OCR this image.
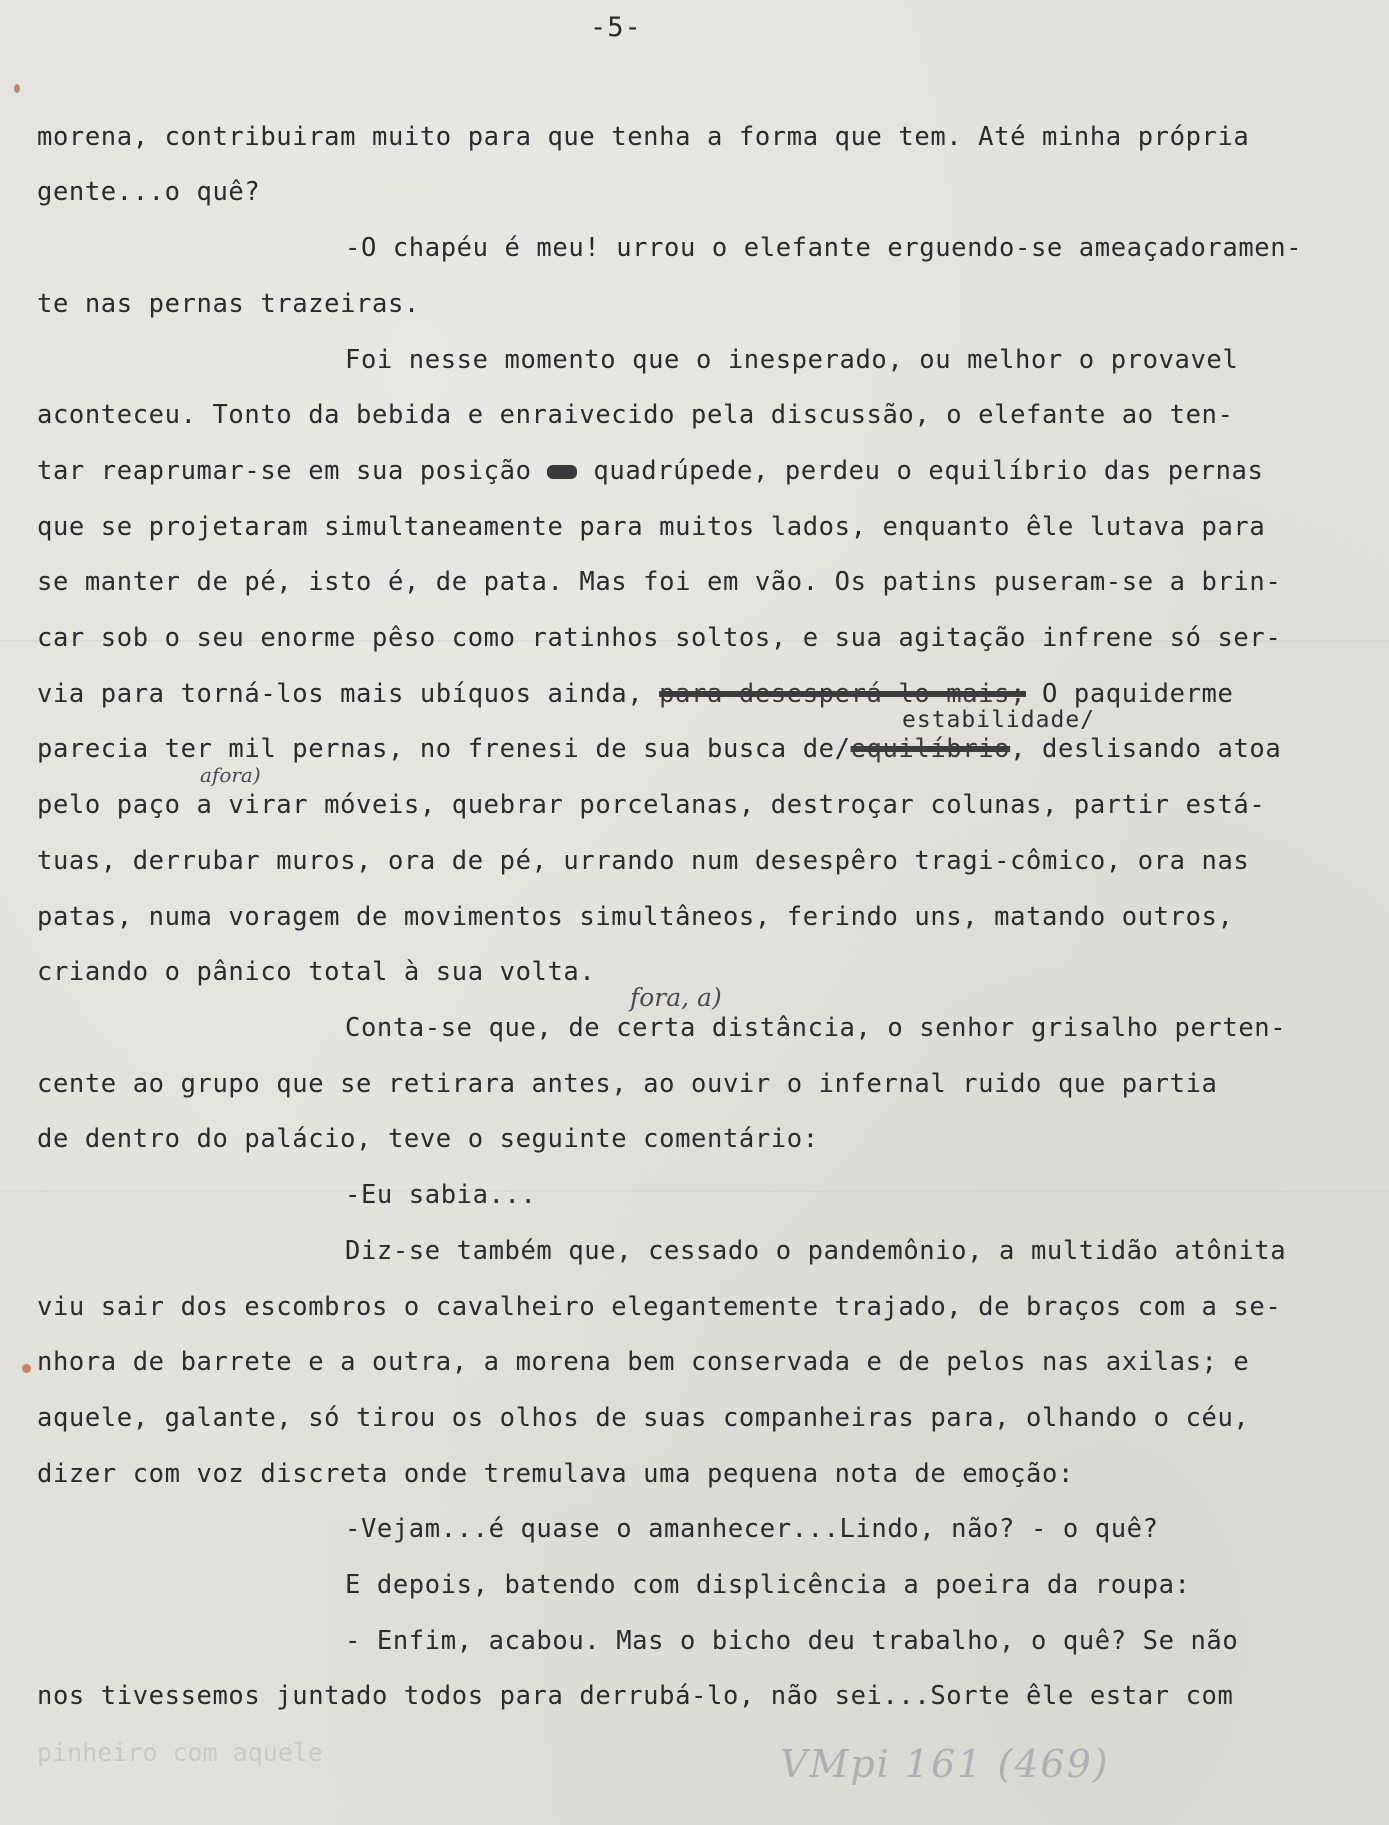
-5-
morena, contribuiram muito para que tenha a forma que tem. Até minha própria
gente...o quê?
-O chapéu é meu! urrou o elefante erguendo-se ameaçadoramen-
te nas pernas trazeiras.
Foi nesse momento que o inesperado, ou melhor o provavel
aconteceu. Tonto da bebida e enraivecido pela discussão, o elefante ao ten-
tar reaprumar-se em sua posição  quadrúpede, perdeu o equilíbrio das pernas
que se projetaram simultaneamente para muitos lados, enquanto êle lutava para
se manter de pé, isto é, de pata. Mas foi em vão. Os patins puseram-se a brin-
car sob o seu enorme pêso como ratinhos soltos, e sua agitação infrene só ser-
via para torná-los mais ubíquos ainda, para desesperá-lo mais; O paquiderme
estabilidade/
parecia ter mil pernas, no frenesi de sua busca de/equilíbrio, deslisando atoa
afora)
pelo paço a virar móveis, quebrar porcelanas, destroçar colunas, partir está-
tuas, derrubar muros, ora de pé, urrando num desespêro tragi-cômico, ora nas
patas, numa voragem de movimentos simultâneos, ferindo uns, matando outros,
criando o pânico total à sua volta.
fora, a)
Conta-se que, de certa distância, o senhor grisalho perten-
cente ao grupo que se retirara antes, ao ouvir o infernal ruido que partia
de dentro do palácio, teve o seguinte comentário:
-Eu sabia...
Diz-se também que, cessado o pandemônio, a multidão atônita
viu sair dos escombros o cavalheiro elegantemente trajado, de braços com a se-
nhora de barrete e a outra, a morena bem conservada e de pelos nas axilas; e
aquele, galante, só tirou os olhos de suas companheiras para, olhando o céu,
dizer com voz discreta onde tremulava uma pequena nota de emoção:
-Vejam...é quase o amanhecer...Lindo, não? - o quê?
E depois, batendo com displicência a poeira da roupa:
- Enfim, acabou. Mas o bicho deu trabalho, o quê? Se não
nos tivessemos juntado todos para derrubá-lo, não sei...Sorte êle estar com
pinheiro com aquele	VMpi 161 (469)
